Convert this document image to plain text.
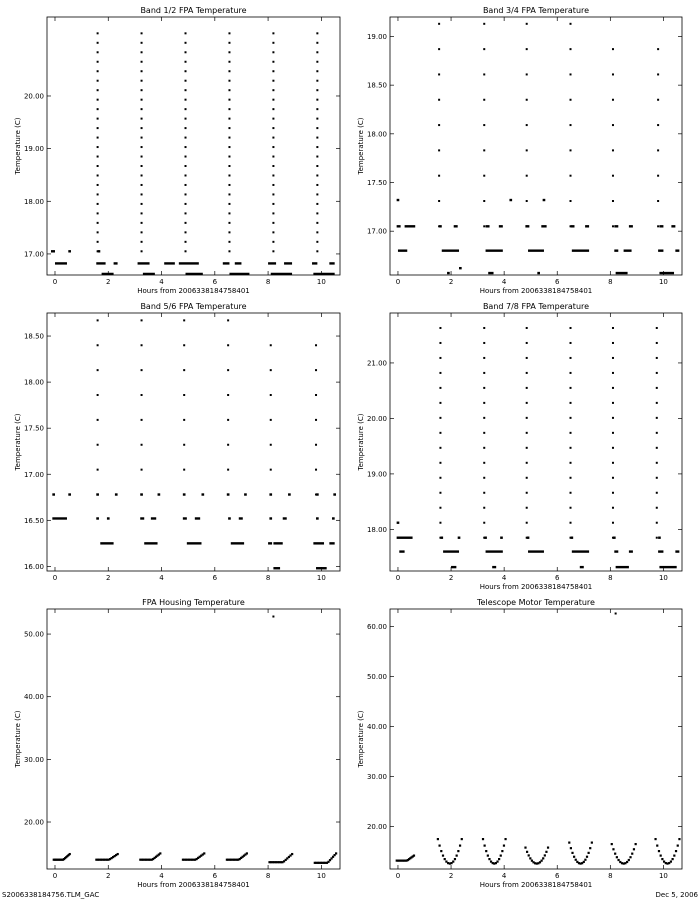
Band 1/2 FPA Temperature
0	2	4	6	8	10
Hours from 2006338184758401
17.00
18.00
19.00
20.00
Temperature (C)
Band 3/4 FPA Temperature
0	2	4	6	8	10
Hours from 2006338184758401
17.00
17.50
18.00
18.50
19.00
Temperature (C)
Band 5/6 FPA Temperature
0	2	4	6	8	10
16.00
16.50
17.00
17.50
18.00
18.50
Temperature (C)
Band 7/8 FPA Temperature
0	2	4	6	8	10
Hours from 2006338184758401
18.00
19.00
20.00
21.00
Temperature (C)
FPA Housing Temperature
0	2	4	6	8	10
Hours from 2006338184758401
20.00
30.00
40.00
50.00
Temperature (C)
Telescope Motor Temperature
0	2	4	6	8	10
Hours from 2006338184758401
20.00
30.00
40.00
50.00
60.00
Temperature (C)
S2006338184756.TLM_GAC	Dec 5, 2006
